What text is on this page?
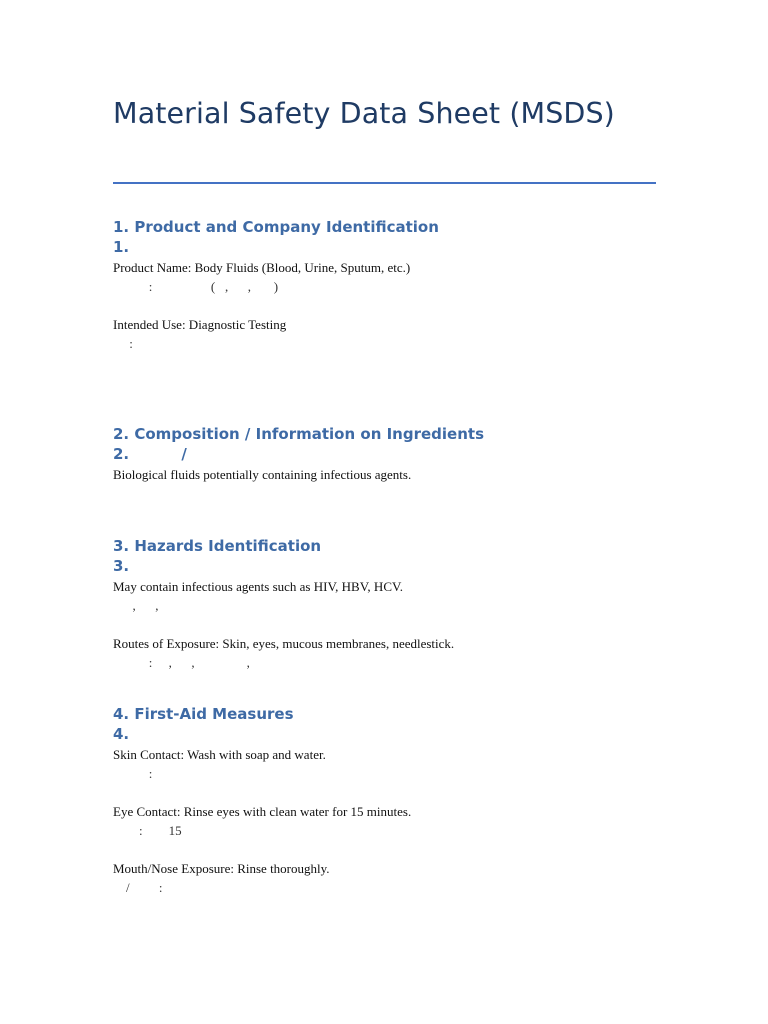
Material Safety Data Sheet (MSDS)

1. Product and Company Identification
1.

Product Name: Body Fluids (Blood, Urine, Sputum, etc.)

:                  (   ,      ,       )

Intended Use: Diagnostic Testing

:

2. Composition / Information on Ingredients
2.          /

Biological fluids potentially containing infectious agents.

3. Hazards Identification
3.

May contain infectious agents such as HIV, HBV, HCV.

,      ,

Routes of Exposure: Skin, eyes, mucous membranes, needlestick.

:     ,      ,                ,

4. First-Aid Measures
4.

Skin Contact: Wash with soap and water.

:

Eye Contact: Rinse eyes with clean water for 15 minutes.

:        15

Mouth/Nose Exposure: Rinse thoroughly.

/         :
